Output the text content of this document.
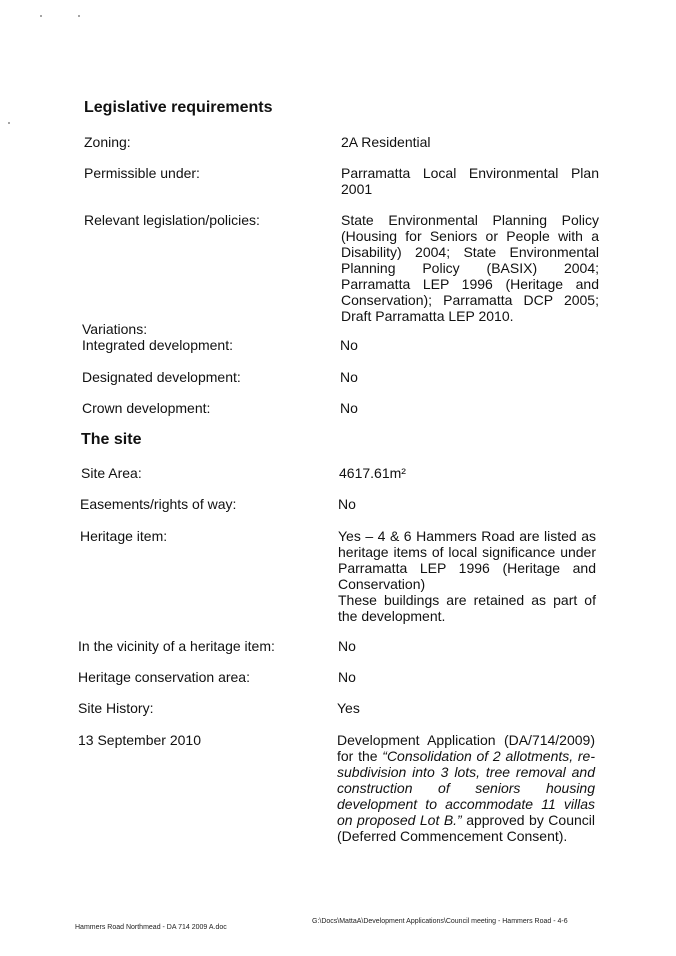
Legislative requirements
Zoning:	2A Residential
Permissible under:	Parramatta Local Environmental Plan 2001
Relevant legislation/policies:	State Environmental Planning Policy (Housing for Seniors or People with a Disability) 2004; State Environmental Planning Policy (BASIX) 2004; Parramatta LEP 1996 (Heritage and Conservation); Parramatta DCP 2005; Draft Parramatta LEP 2010.
Variations:
Integrated development:	No
Designated development:	No
Crown development:	No
The site
Site Area:	4617.61m²
Easements/rights of way:	No
Heritage item:	Yes – 4 & 6 Hammers Road are listed as heritage items of local significance under Parramatta LEP 1996 (Heritage and Conservation)
These buildings are retained as part of the development.
In the vicinity of a heritage item:	No
Heritage conservation area:	No
Site History:	Yes
13 September 2010	Development Application (DA/714/2009) for the “Consolidation of 2 allotments, re-subdivision into 3 lots, tree removal and construction of seniors housing development to accommodate 11 villas on proposed Lot B.” approved by Council (Deferred Commencement Consent).
Hammers Road Northmead - DA 714 2009 A.doc
G:\Docs\MattaA\Development Applications\Council meeting - Hammers Road - 4-6
